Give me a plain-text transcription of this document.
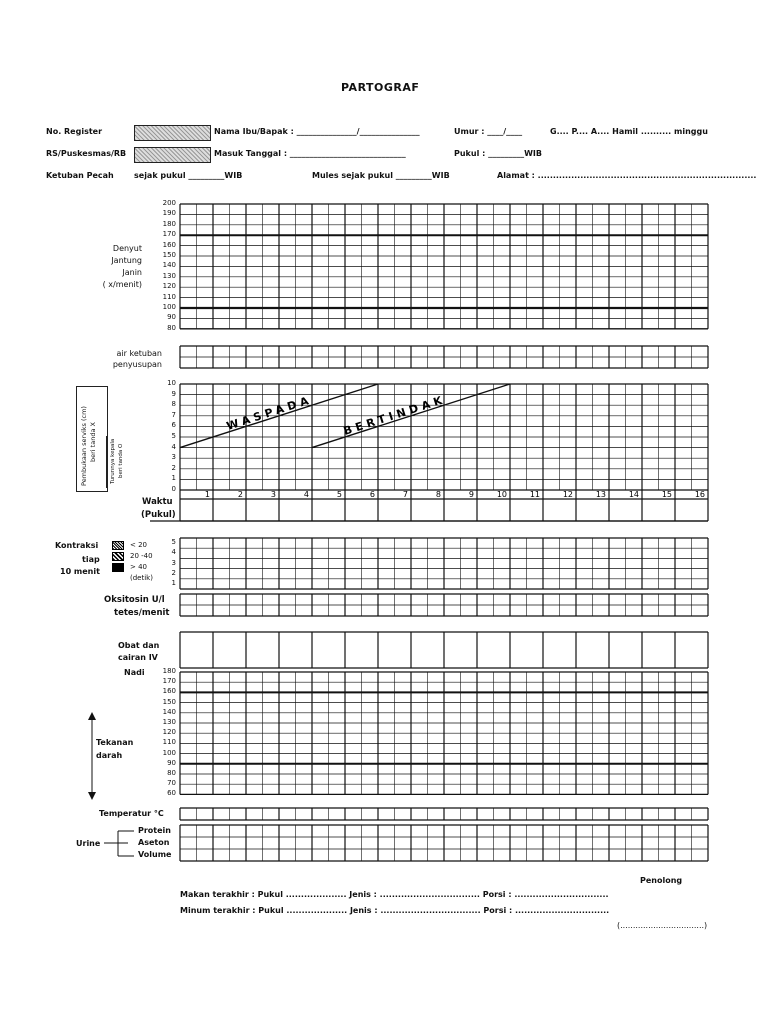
PARTOGRAF
No. Register	Nama Ibu/Bapak : _______________/_______________	Umur : ____/____	G.... P.... A.... Hamil .......... minggu
RS/Puskesmas/RB	Masuk Tanggal : _____________________________	Pukul : _________WIB
Ketuban Pecah	sejak pukul _________WIB	Mules sejak pukul _________WIB	Alamat : ........................................................................
Denyut
Jantung
Janin
( x/menit)
200
190
180
170
160
150
140
130
120
110
100
90
80
air ketuban
penyusupan
Pembukaan serviks (cm) beri tanda X Turunnya kepala beri tanda O
10
9
8
7
6
5
4
3
2
1
0
Waktu
(Pukul)
Kontraksi
tiap
10 menit
< 20
20 -40
> 40
(detik)
5
4
3
2
1
Oksitosin U/l
tetes/menit
Obat dan
cairan IV
Nadi
Tekanan
darah
180
170
160
150
140
130
120
110
100
90
80
70
60
Temperatur °C
Urine
Protein
Aseton
Volume
Penolong
Makan terakhir : Pukul .................... Jenis : ................................. Porsi : ...............................
Minum terakhir : Pukul .................... Jenis : ................................. Porsi : ...............................
(.................................)
WASPADA	BERTINDAK
1	2	3	4	5	6	7	8	9	10	11	12	13	14	15	16
